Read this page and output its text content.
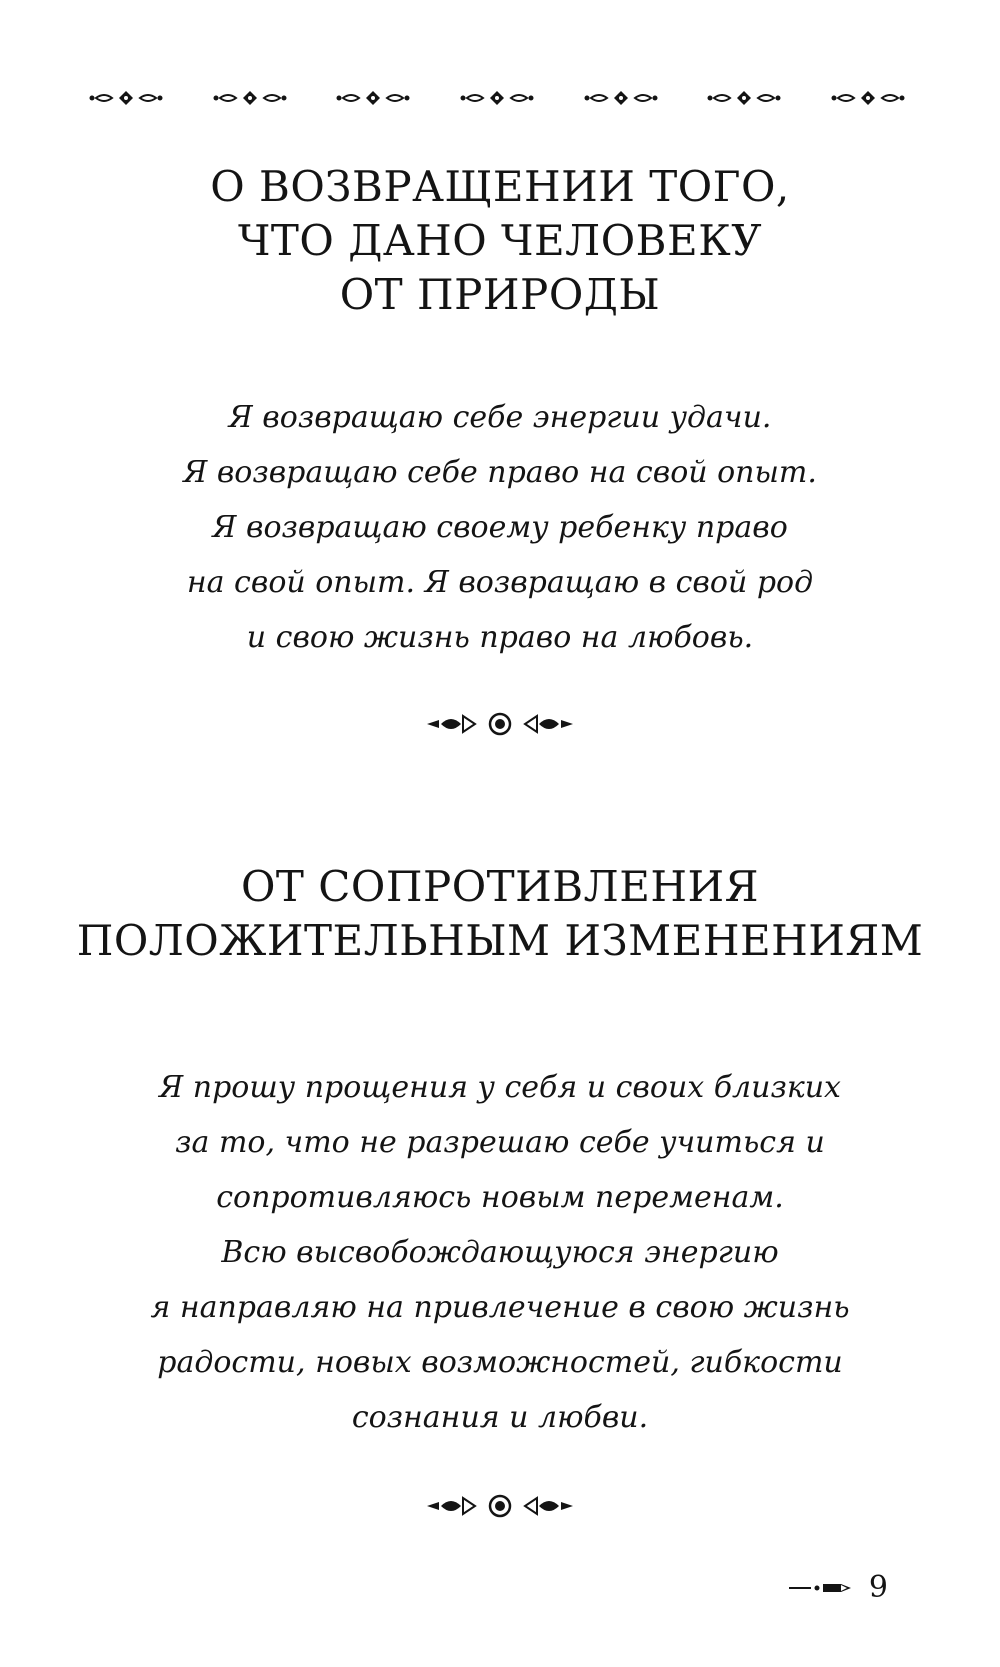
О ВОЗВРАЩЕНИИ ТОГО,
ЧТО ДАНО ЧЕЛОВЕКУ
ОТ ПРИРОДЫ

Я возвращаю себе энергии удачи.
Я возвращаю себе право на свой опыт.
Я возвращаю своему ребенку право
на свой опыт. Я возвращаю в свой род
и свою жизнь право на любовь.

ОТ СОПРОТИВЛЕНИЯ
ПОЛОЖИТЕЛЬНЫМ ИЗМЕНЕНИЯМ

Я прошу прощения у себя и своих близких
за то, что не разрешаю себе учиться и
сопротивляюсь новым переменам.
Всю высвобождающуюся энергию
я направляю на привлечение в свою жизнь
радости, новых возможностей, гибкости
сознания и любви.

9
